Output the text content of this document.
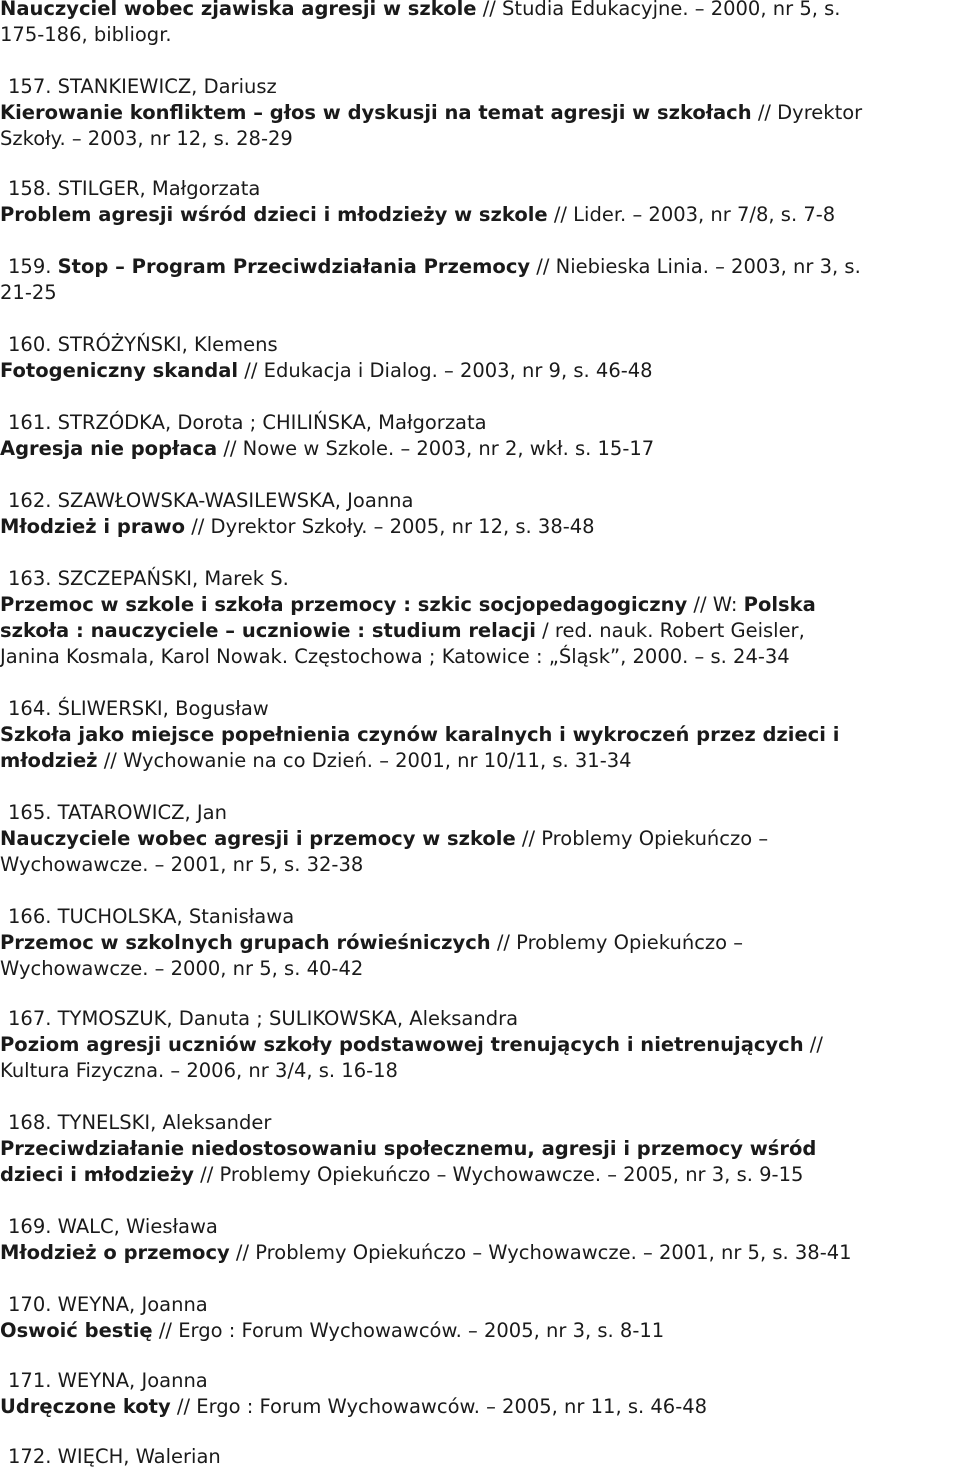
Nauczyciel wobec zjawiska agresji w szkole // Studia Edukacyjne. – 2000, nr 5, s.
175-186, bibliogr.
157. STANKIEWICZ, Dariusz
Kierowanie konfliktem – głos w dyskusji na temat agresji w szkołach // Dyrektor
Szkoły. – 2003, nr 12, s. 28-29
158. STILGER, Małgorzata
Problem agresji wśród dzieci i młodzieży w szkole // Lider. – 2003, nr 7/8, s. 7-8
159. Stop – Program Przeciwdziałania Przemocy // Niebieska Linia. – 2003, nr 3, s.
21-25
160. STRÓŻYŃSKI, Klemens
Fotogeniczny skandal // Edukacja i Dialog. – 2003, nr 9, s. 46-48
161. STRZÓDKA, Dorota ; CHILIŃSKA, Małgorzata
Agresja nie popłaca // Nowe w Szkole. – 2003, nr 2, wkł. s. 15-17
162. SZAWŁOWSKA-WASILEWSKA, Joanna
Młodzież i prawo // Dyrektor Szkoły. – 2005, nr 12, s. 38-48
163. SZCZEPAŃSKI, Marek S.
Przemoc w szkole i szkoła przemocy : szkic socjopedagogiczny // W: Polska
szkoła : nauczyciele – uczniowie : studium relacji / red. nauk. Robert Geisler,
Janina Kosmala, Karol Nowak. Częstochowa ; Katowice : „Śląsk”, 2000. – s. 24-34
164. ŚLIWERSKI, Bogusław
Szkoła jako miejsce popełnienia czynów karalnych i wykroczeń przez dzieci i
młodzież // Wychowanie na co Dzień. – 2001, nr 10/11, s. 31-34
165. TATAROWICZ, Jan
Nauczyciele wobec agresji i przemocy w szkole // Problemy Opiekuńczo –
Wychowawcze. – 2001, nr 5, s. 32-38
166. TUCHOLSKA, Stanisława
Przemoc w szkolnych grupach rówieśniczych // Problemy Opiekuńczo –
Wychowawcze. – 2000, nr 5, s. 40-42
167. TYMOSZUK, Danuta ; SULIKOWSKA, Aleksandra
Poziom agresji uczniów szkoły podstawowej trenujących i nietrenujących //
Kultura Fizyczna. – 2006, nr 3/4, s. 16-18
168. TYNELSKI, Aleksander
Przeciwdziałanie niedostosowaniu społecznemu, agresji i przemocy wśród
dzieci i młodzieży // Problemy Opiekuńczo – Wychowawcze. – 2005, nr 3, s. 9-15
169. WALC, Wiesława
Młodzież o przemocy // Problemy Opiekuńczo – Wychowawcze. – 2001, nr 5, s. 38-41
170. WEYNA, Joanna
Oswoić bestię // Ergo : Forum Wychowawców. – 2005, nr 3, s. 8-11
171. WEYNA, Joanna
Udręczone koty // Ergo : Forum Wychowawców. – 2005, nr 11, s. 46-48
172. WIĘCH, Walerian
